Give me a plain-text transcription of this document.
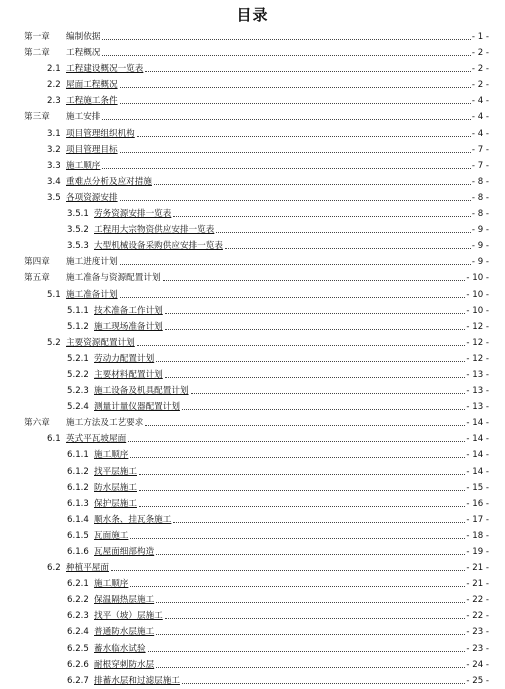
目录
第一章 编制依据	- 1 -
第二章 工程概况	- 2 -
2.1 工程建设概况一览表	- 2 -
2.2 屋面工程概况	- 2 -
2.3 工程施工条件	- 4 -
第三章 施工安排	- 4 -
3.1 项目管理组织机构	- 4 -
3.2 项目管理目标	- 7 -
3.3 施工顺序	- 7 -
3.4 重难点分析及应对措施	- 8 -
3.5 各项资源安排	- 8 -
3.5.1 劳务资源安排一览表	- 8 -
3.5.2 工程用大宗物资供应安排一览表	- 9 -
3.5.3 大型机械设备采购供应安排一览表	- 9 -
第四章 施工进度计划	- 9 -
第五章 施工准备与资源配置计划	- 10 -
5.1 施工准备计划	- 10 -
5.1.1 技术准备工作计划	- 10 -
5.1.2 施工现场准备计划	- 12 -
5.2 主要资源配置计划	- 12 -
5.2.1 劳动力配置计划	- 12 -
5.2.2 主要材料配置计划	- 13 -
5.2.3 施工设备及机具配置计划	- 13 -
5.2.4 测量计量仪器配置计划	- 13 -
第六章 施工方法及工艺要求	- 14 -
6.1 英式平瓦坡屋面	- 14 -
6.1.1 施工顺序	- 14 -
6.1.2 找平层施工	- 14 -
6.1.2 防水层施工	- 15 -
6.1.3 保护层施工	- 16 -
6.1.4 顺水条、挂瓦条施工	- 17 -
6.1.5 瓦面施工	- 18 -
6.1.6 瓦屋面细部构造	- 19 -
6.2 种植平屋面	- 21 -
6.2.1 施工顺序	- 21 -
6.2.2 保温隔热层施工	- 22 -
6.2.3 找平（坡）层施工	- 22 -
6.2.4 普通防水层施工	- 23 -
6.2.5 蓄水临水试验	- 23 -
6.2.6 耐根穿刺防水层	- 24 -
6.2.7 排蓄水层和过滤层施工	- 25 -
